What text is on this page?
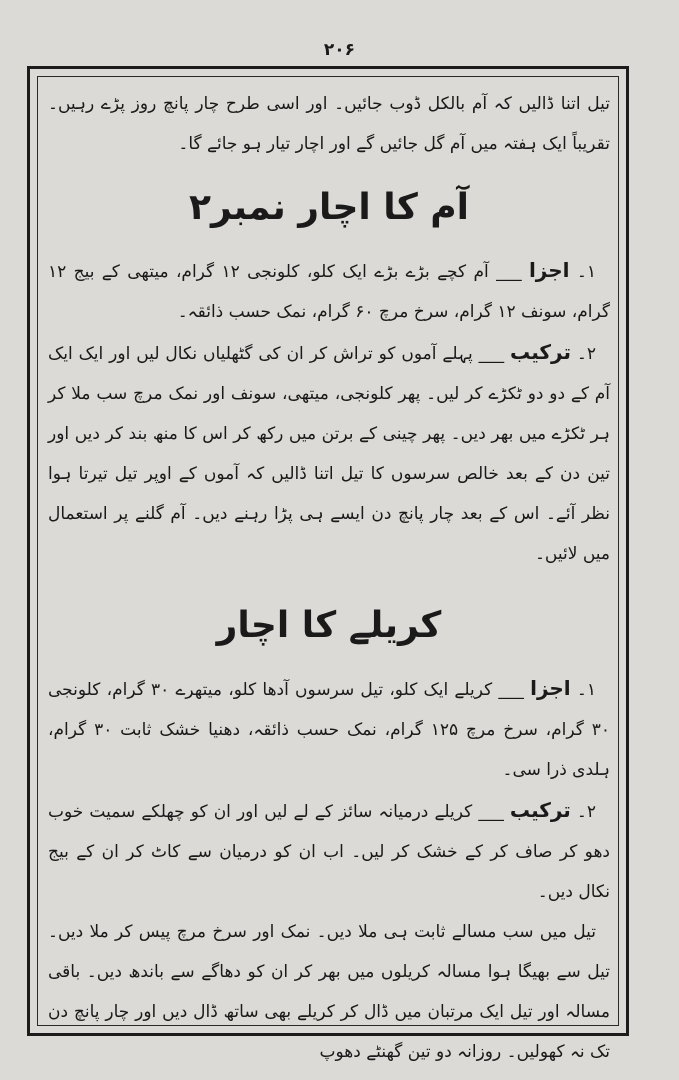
۲۰۶

تیل اتنا ڈالیں کہ آم بالکل ڈوب جائیں۔ اور اسی طرح چار پانچ روز پڑے رہیں۔ تقریباً ایک ہفتہ میں آم گل جائیں گے اور اچار تیار ہو جائے گا۔

آم کا اچار نمبر۲

۱۔ اجزا ___ آم کچے بڑے بڑے ایک کلو، کلونجی ۱۲ گرام، میتھی کے بیج ۱۲ گرام، سونف ۱۲ گرام، سرخ مرچ ۶۰ گرام، نمک حسب ذائقہ۔

۲۔ ترکیب ___ پہلے آموں کو تراش کر ان کی گٹھلیاں نکال لیں اور ایک ایک آم کے دو دو ٹکڑے کر لیں۔ پھر کلونجی، میتھی، سونف اور نمک مرچ سب ملا کر ہر ٹکڑے میں بھر دیں۔ پھر چینی کے برتن میں رکھ کر اس کا منھ بند کر دیں اور تین دن کے بعد خالص سرسوں کا تیل اتنا ڈالیں کہ آموں کے اوپر تیل تیرتا ہوا نظر آئے۔ اس کے بعد چار پانچ دن ایسے ہی پڑا رہنے دیں۔ آم گلنے پر استعمال میں لائیں۔

کریلے کا اچار

۱۔ اجزا ___ کریلے ایک کلو، تیل سرسوں آدھا کلو، میتھرے ۳۰ گرام، کلونجی ۳۰ گرام، سرخ مرچ ۱۲۵ گرام، نمک حسب ذائقہ، دھنیا خشک ثابت ۳۰ گرام، ہلدی ذرا سی۔

۲۔ ترکیب ___ کریلے درمیانہ سائز کے لے لیں اور ان کو چھلکے سمیت خوب دھو کر صاف کر کے خشک کر لیں۔ اب ان کو درمیان سے کاٹ کر ان کے بیج نکال دیں۔

تیل میں سب مسالے ثابت ہی ملا دیں۔ نمک اور سرخ مرچ پیس کر ملا دیں۔ تیل سے بھیگا ہوا مسالہ کریلوں میں بھر کر ان کو دھاگے سے باندھ دیں۔ باقی مسالہ اور تیل ایک مرتبان میں ڈال کر کریلے بھی ساتھ ڈال دیں اور چار پانچ دن تک نہ کھولیں۔ روزانہ دو تین گھنٹے دھوپ
